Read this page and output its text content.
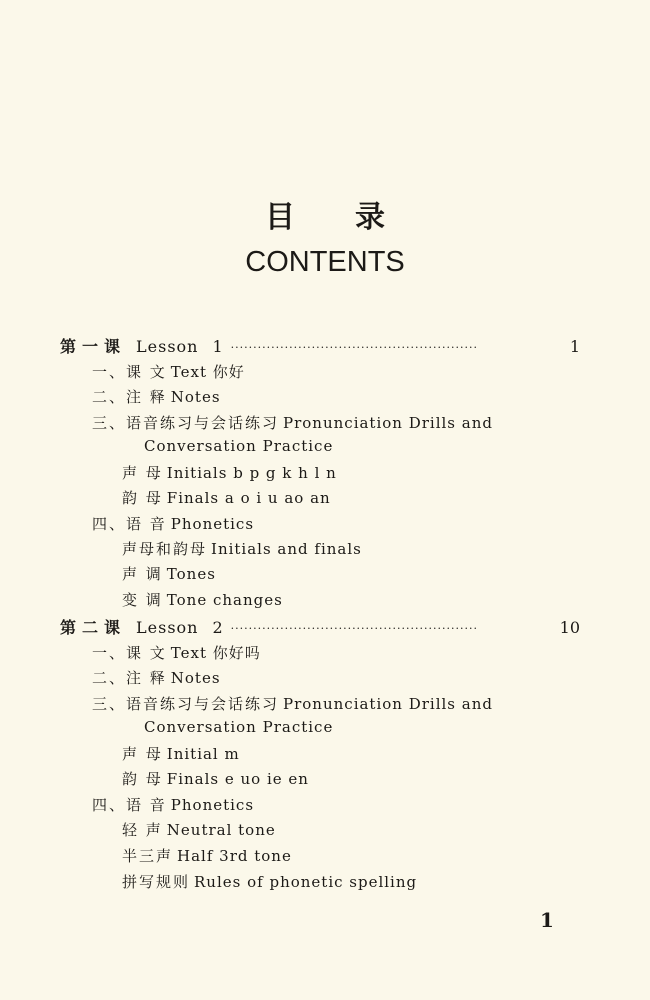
目录
CONTENTS
第一课 Lesson 1 ·······················································	1
一、课 文 Text 你好
二、注 释 Notes
三、语音练习与会话练习 Pronunciation Drills and
Conversation Practice
声 母 Initials b p g k h l n
韵 母 Finals a o i u ao an
四、语 音 Phonetics
声母和韵母 Initials and finals
声 调 Tones
变 调 Tone changes
第二课 Lesson 2 ·······················································	10
一、课 文 Text 你好吗
二、注 释 Notes
三、语音练习与会话练习 Pronunciation Drills and
Conversation Practice
声 母 Initial m
韵 母 Finals e uo ie en
四、语 音 Phonetics
轻 声 Neutral tone
半三声 Half 3rd tone
拼写规则 Rules of phonetic spelling
1
